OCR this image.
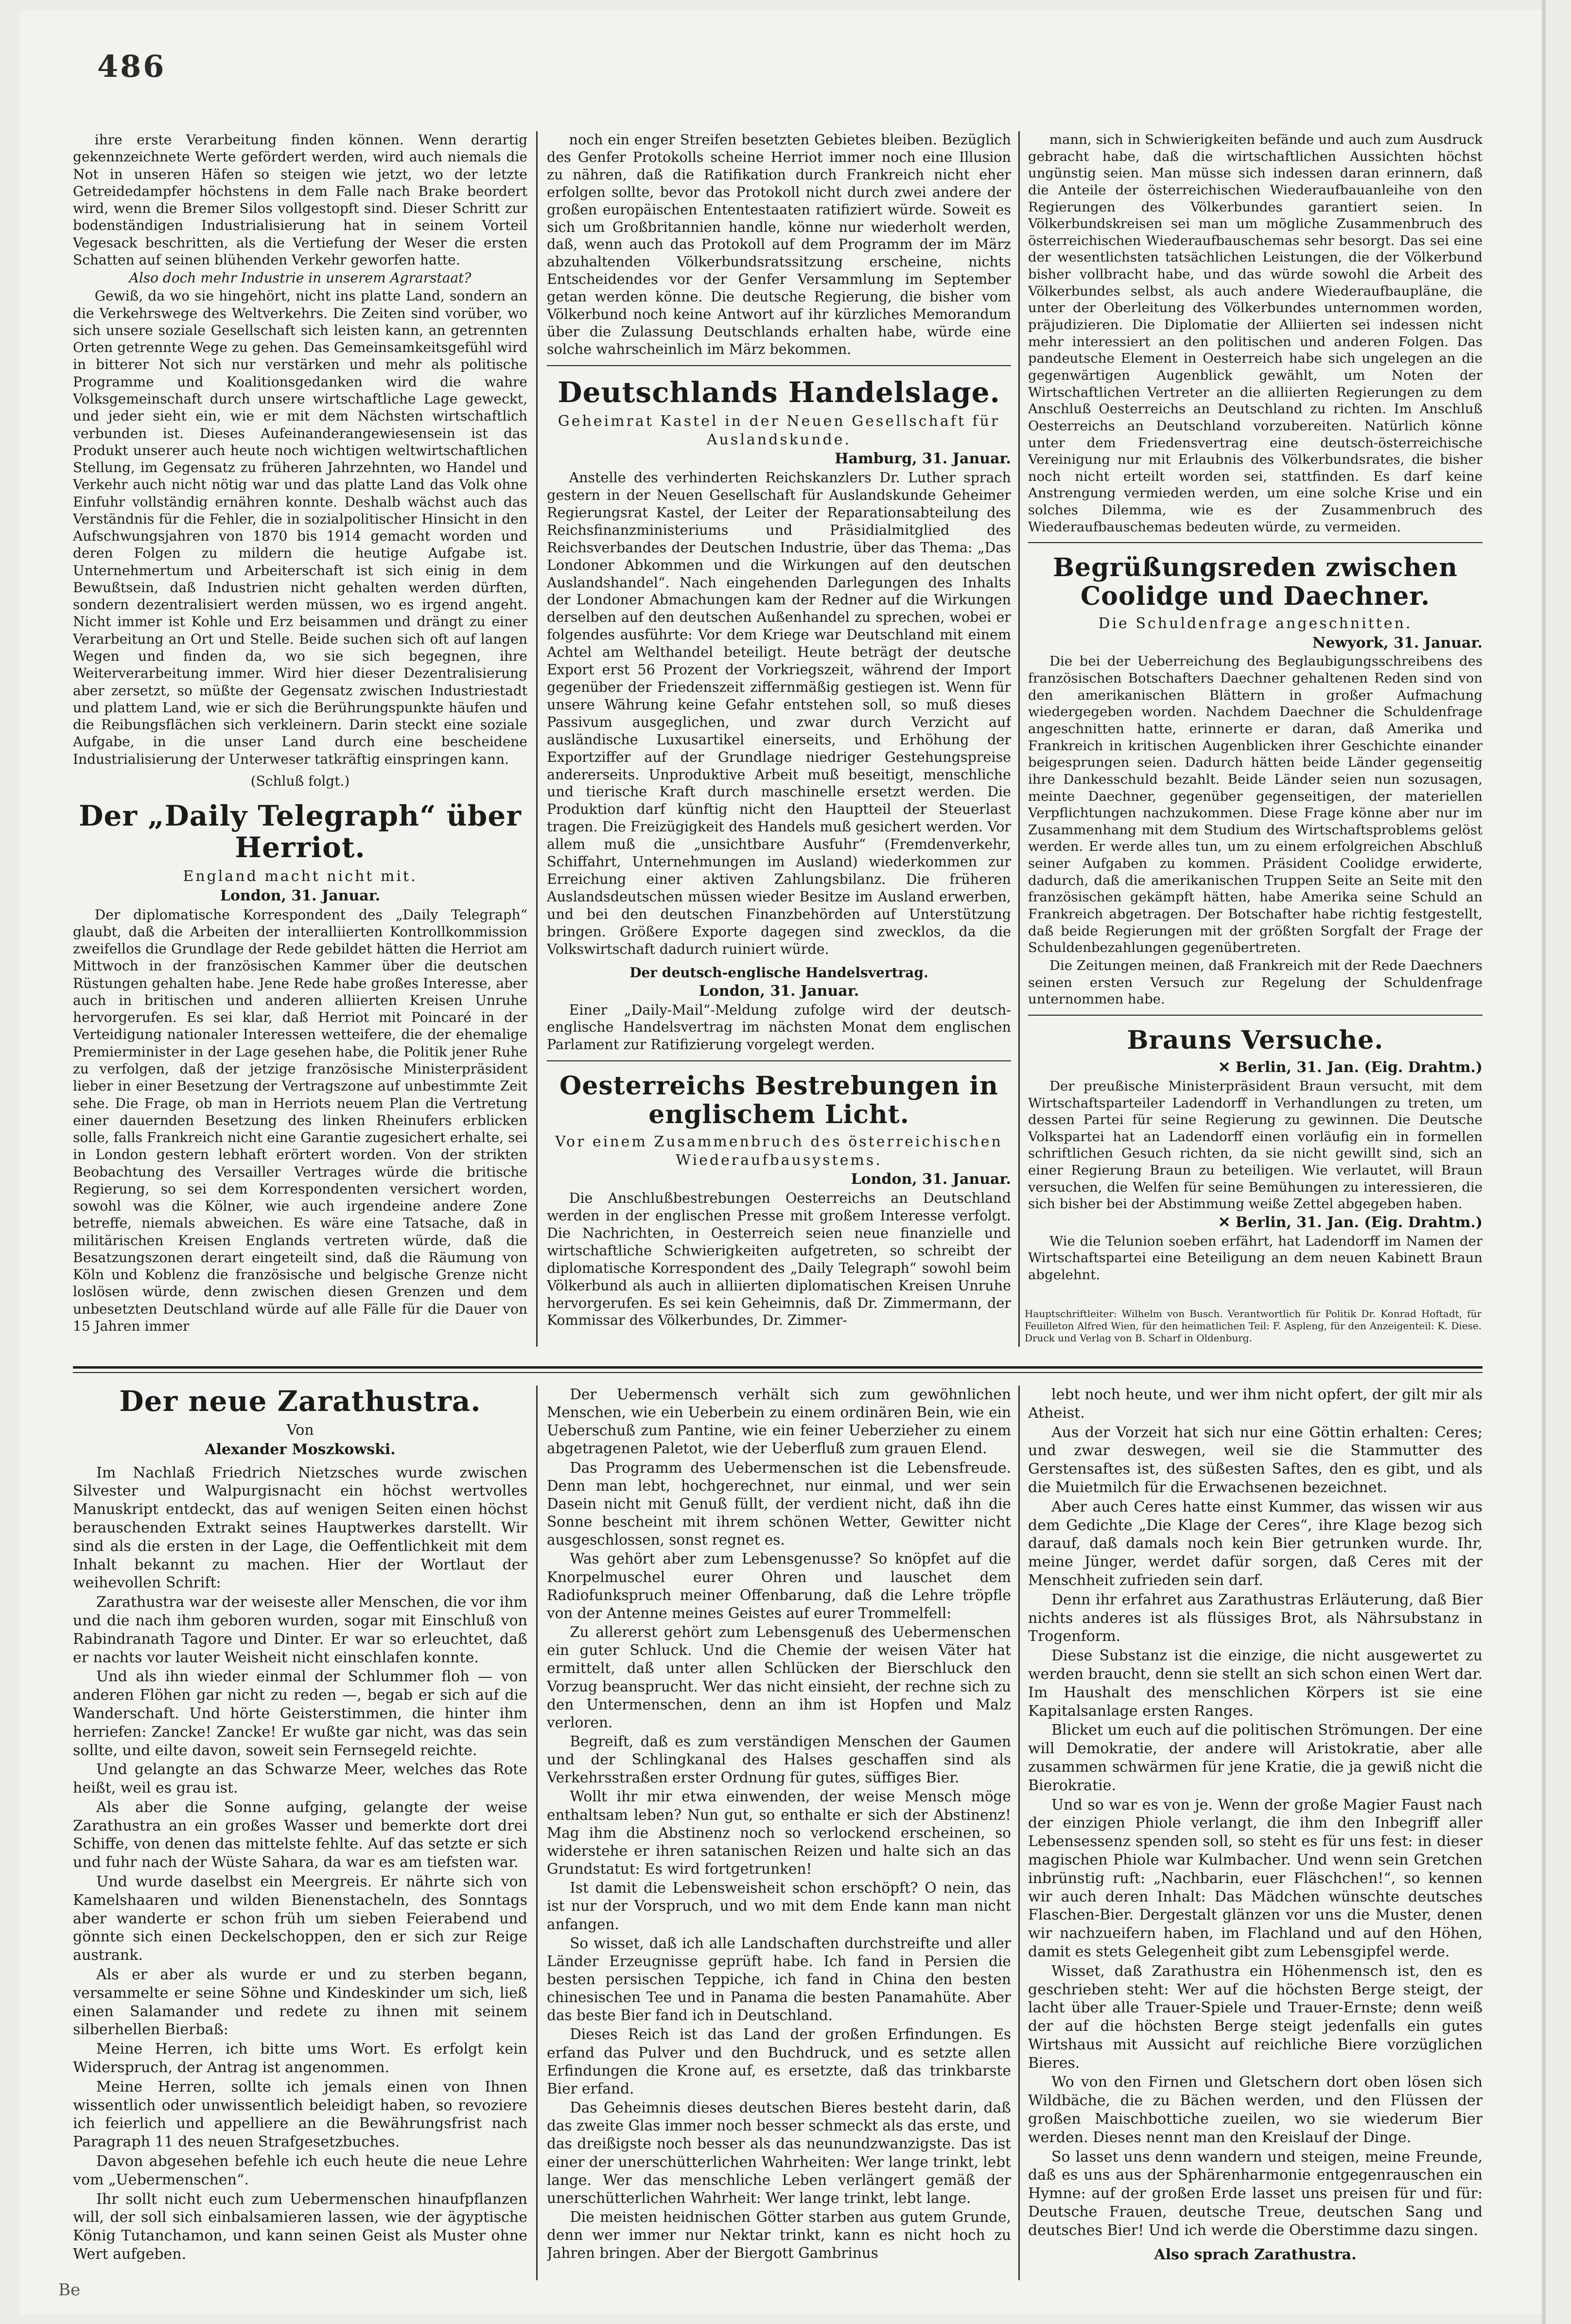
486

ihre erste Verarbeitung finden können. Wenn derartig gekennzeichnete Werte gefördert werden, wird auch niemals die Not in unseren Häfen so steigen wie jetzt, wo der letzte Getreidedampfer höchstens in dem Falle nach Brake beordert wird, wenn die Bremer Silos vollgestopft sind. Dieser Schritt zur bodenständigen Industrialisierung hat in seinem Vorteil Vegesack beschritten, als die Vertiefung der Weser die ersten Schatten auf seinen blühenden Verkehr geworfen hatte.

Also doch mehr Industrie in unserem Agrarstaat?

Gewiß, da wo sie hingehört, nicht ins platte Land, sondern an die Verkehrswege des Weltverkehrs. Die Zeiten sind vorüber, wo sich unsere soziale Gesellschaft sich leisten kann, an getrennten Orten getrennte Wege zu gehen. Das Gemeinsamkeitsgefühl wird in bitterer Not sich nur verstärken und mehr als politische Programme und Koalitionsgedanken wird die wahre Volksgemeinschaft durch unsere wirtschaftliche Lage geweckt, und jeder sieht ein, wie er mit dem Nächsten wirtschaftlich verbunden ist. Dieses Aufeinanderangewiesensein ist das Produkt unserer auch heute noch wichtigen weltwirtschaftlichen Stellung, im Gegensatz zu früheren Jahrzehnten, wo Handel und Verkehr auch nicht nötig war und das platte Land das Volk ohne Einfuhr vollständig ernähren konnte. Deshalb wächst auch das Verständnis für die Fehler, die in sozialpolitischer Hinsicht in den Aufschwungsjahren von 1870 bis 1914 gemacht worden und deren Folgen zu mildern die heutige Aufgabe ist. Unternehmertum und Arbeiterschaft ist sich einig in dem Bewußtsein, daß Industrien nicht gehalten werden dürften, sondern dezentralisiert werden müssen, wo es irgend angeht. Nicht immer ist Kohle und Erz beisammen und drängt zu einer Verarbeitung an Ort und Stelle. Beide suchen sich oft auf langen Wegen und finden da, wo sie sich begegnen, ihre Weiterverarbeitung immer. Wird hier dieser Dezentralisierung aber zersetzt, so müßte der Gegensatz zwischen Industriestadt und plattem Land, wie er sich die Berührungspunkte häufen und die Reibungsflächen sich verkleinern. Darin steckt eine soziale Aufgabe, in die unser Land durch eine bescheidene Industrialisierung der Unterweser tatkräftig einspringen kann.

(Schluß folgt.)

Der „Daily Telegraph“ über Herriot.

England macht nicht mit.

London, 31. Januar.

Der diplomatische Korrespondent des „Daily Telegraph“ glaubt, daß die Arbeiten der interalliierten Kontrollkommission zweifellos die Grundlage der Rede gebildet hätten die Herriot am Mittwoch in der französischen Kammer über die deutschen Rüstungen gehalten habe. Jene Rede habe großes Interesse, aber auch in britischen und anderen alliierten Kreisen Unruhe hervorgerufen. Es sei klar, daß Herriot mit Poincaré in der Verteidigung nationaler Interessen wetteifere, die der ehemalige Premierminister in der Lage gesehen habe, die Politik jener Ruhe zu verfolgen, daß der jetzige französische Ministerpräsident lieber in einer Besetzung der Vertragszone auf unbestimmte Zeit sehe. Die Frage, ob man in Herriots neuem Plan die Vertretung einer dauernden Besetzung des linken Rheinufers erblicken solle, falls Frankreich nicht eine Garantie zugesichert erhalte, sei in London gestern lebhaft erörtert worden. Von der strikten Beobachtung des Versailler Vertrages würde die britische Regierung, so sei dem Korrespondenten versichert worden, sowohl was die Kölner, wie auch irgendeine andere Zone betreffe, niemals abweichen. Es wäre eine Tatsache, daß in militärischen Kreisen Englands vertreten würde, daß die Besatzungszonen derart eingeteilt sind, daß die Räumung von Köln und Koblenz die französische und belgische Grenze nicht loslösen würde, denn zwischen diesen Grenzen und dem unbesetzten Deutschland würde auf alle Fälle für die Dauer von 15 Jahren immer

noch ein enger Streifen besetzten Gebietes bleiben. Bezüglich des Genfer Protokolls scheine Herriot immer noch eine Illusion zu nähren, daß die Ratifikation durch Frankreich nicht eher erfolgen sollte, bevor das Protokoll nicht durch zwei andere der großen europäischen Ententestaaten ratifiziert würde. Soweit es sich um Großbritannien handle, könne nur wiederholt werden, daß, wenn auch das Protokoll auf dem Programm der im März abzuhaltenden Völkerbundsratssitzung erscheine, nichts Entscheidendes vor der Genfer Versammlung im September getan werden könne. Die deutsche Regierung, die bisher vom Völkerbund noch keine Antwort auf ihr kürzliches Memorandum über die Zulassung Deutschlands erhalten habe, würde eine solche wahrscheinlich im März bekommen.

Deutschlands Handelslage.

Geheimrat Kastel in der Neuen Gesellschaft für Auslandskunde.

Hamburg, 31. Januar.

Anstelle des verhinderten Reichskanzlers Dr. Luther sprach gestern in der Neuen Gesellschaft für Auslandskunde Geheimer Regierungsrat Kastel, der Leiter der Reparationsabteilung des Reichsfinanzministeriums und Präsidialmitglied des Reichsverbandes der Deutschen Industrie, über das Thema: „Das Londoner Abkommen und die Wirkungen auf den deutschen Auslandshandel“. Nach eingehenden Darlegungen des Inhalts der Londoner Abmachungen kam der Redner auf die Wirkungen derselben auf den deutschen Außenhandel zu sprechen, wobei er folgendes ausführte: Vor dem Kriege war Deutschland mit einem Achtel am Welthandel beteiligt. Heute beträgt der deutsche Export erst 56 Prozent der Vorkriegszeit, während der Import gegenüber der Friedenszeit ziffernmäßig gestiegen ist. Wenn für unsere Währung keine Gefahr entstehen soll, so muß dieses Passivum ausgeglichen, und zwar durch Verzicht auf ausländische Luxusartikel einerseits, und Erhöhung der Exportziffer auf der Grundlage niedriger Gestehungspreise andererseits. Unproduktive Arbeit muß beseitigt, menschliche und tierische Kraft durch maschinelle ersetzt werden. Die Produktion darf künftig nicht den Hauptteil der Steuerlast tragen. Die Freizügigkeit des Handels muß gesichert werden. Vor allem muß die „unsichtbare Ausfuhr“ (Fremdenverkehr, Schiffahrt, Unternehmungen im Ausland) wiederkommen zur Erreichung einer aktiven Zahlungsbilanz. Die früheren Auslandsdeutschen müssen wieder Besitze im Ausland erwerben, und bei den deutschen Finanzbehörden auf Unterstützung bringen. Größere Exporte dagegen sind zwecklos, da die Volkswirtschaft dadurch ruiniert würde.

Der deutsch-englische Handelsvertrag.

London, 31. Januar.

Einer „Daily-Mail“-Meldung zufolge wird der deutsch-englische Handelsvertrag im nächsten Monat dem englischen Parlament zur Ratifizierung vorgelegt werden.

Oesterreichs Bestrebungen in englischem Licht.

Vor einem Zusammenbruch des österreichischen Wiederaufbausystems.

London, 31. Januar.

Die Anschlußbestrebungen Oesterreichs an Deutschland werden in der englischen Presse mit großem Interesse verfolgt. Die Nachrichten, in Oesterreich seien neue finanzielle und wirtschaftliche Schwierigkeiten aufgetreten, so schreibt der diplomatische Korrespondent des „Daily Telegraph“ sowohl beim Völkerbund als auch in alliierten diplomatischen Kreisen Unruhe hervorgerufen. Es sei kein Geheimnis, daß Dr. Zimmermann, der Kommissar des Völkerbundes, Dr. Zimmer-

mann, sich in Schwierigkeiten befände und auch zum Ausdruck gebracht habe, daß die wirtschaftlichen Aussichten höchst ungünstig seien. Man müsse sich indessen daran erinnern, daß die Anteile der österreichischen Wiederaufbauanleihe von den Regierungen des Völkerbundes garantiert seien. In Völkerbundskreisen sei man um mögliche Zusammenbruch des österreichischen Wiederaufbauschemas sehr besorgt. Das sei eine der wesentlichsten tatsächlichen Leistungen, die der Völkerbund bisher vollbracht habe, und das würde sowohl die Arbeit des Völkerbundes selbst, als auch andere Wiederaufbaupläne, die unter der Oberleitung des Völkerbundes unternommen worden, präjudizieren. Die Diplomatie der Alliierten sei indessen nicht mehr interessiert an den politischen und anderen Folgen. Das pandeutsche Element in Oesterreich habe sich ungelegen an die gegenwärtigen Augenblick gewählt, um Noten der Wirtschaftlichen Vertreter an die alliierten Regierungen zu dem Anschluß Oesterreichs an Deutschland zu richten. Im Anschluß Oesterreichs an Deutschland vorzubereiten. Natürlich könne unter dem Friedensvertrag eine deutsch-österreichische Vereinigung nur mit Erlaubnis des Völkerbundsrates, die bisher noch nicht erteilt worden sei, stattfinden. Es darf keine Anstrengung vermieden werden, um eine solche Krise und ein solches Dilemma, wie es der Zusammenbruch des Wiederaufbauschemas bedeuten würde, zu vermeiden.

Begrüßungsreden zwischen Coolidge und Daechner.

Die Schuldenfrage angeschnitten.

Newyork, 31. Januar.

Die bei der Ueberreichung des Beglaubigungsschreibens des französischen Botschafters Daechner gehaltenen Reden sind von den amerikanischen Blättern in großer Aufmachung wiedergegeben worden. Nachdem Daechner die Schuldenfrage angeschnitten hatte, erinnerte er daran, daß Amerika und Frankreich in kritischen Augenblicken ihrer Geschichte einander beigesprungen seien. Dadurch hätten beide Länder gegenseitig ihre Dankesschuld bezahlt. Beide Länder seien nun sozusagen, meinte Daechner, gegenüber gegenseitigen, der materiellen Verpflichtungen nachzukommen. Diese Frage könne aber nur im Zusammenhang mit dem Studium des Wirtschaftsproblems gelöst werden. Er werde alles tun, um zu einem erfolgreichen Abschluß seiner Aufgaben zu kommen. Präsident Coolidge erwiderte, dadurch, daß die amerikanischen Truppen Seite an Seite mit den französischen gekämpft hätten, habe Amerika seine Schuld an Frankreich abgetragen. Der Botschafter habe richtig festgestellt, daß beide Regierungen mit der größten Sorgfalt der Frage der Schuldenbezahlungen gegenübertreten.

Die Zeitungen meinen, daß Frankreich mit der Rede Daechners seinen ersten Versuch zur Regelung der Schuldenfrage unternommen habe.

Brauns Versuche.

✕ Berlin, 31. Jan. (Eig. Drahtm.)

Der preußische Ministerpräsident Braun versucht, mit dem Wirtschaftsparteiler Ladendorff in Verhandlungen zu treten, um dessen Partei für seine Regierung zu gewinnen. Die Deutsche Volkspartei hat an Ladendorff einen vorläufig ein in formellen schriftlichen Gesuch richten, da sie nicht gewillt sind, sich an einer Regierung Braun zu beteiligen. Wie verlautet, will Braun versuchen, die Welfen für seine Bemühungen zu interessieren, die sich bisher bei der Abstimmung weiße Zettel abgegeben haben.

✕ Berlin, 31. Jan. (Eig. Drahtm.)

Wie die Telunion soeben erfährt, hat Ladendorff im Namen der Wirtschaftspartei eine Beteiligung an dem neuen Kabinett Braun abgelehnt.

Hauptschriftleiter: Wilhelm von Busch. Verantwortlich für Politik Dr. Konrad Hoftadt, für Feuilleton Alfred Wien, für den heimatlichen Teil: F. Aspleng, für den Anzeigenteil: K. Diese. Druck und Verlag von B. Scharf in Oldenburg.
Der neue Zarathustra.

Von

Alexander Moszkowski.

Im Nachlaß Friedrich Nietzsches wurde zwischen Silvester und Walpurgisnacht ein höchst wertvolles Manuskript entdeckt, das auf wenigen Seiten einen höchst berauschenden Extrakt seines Hauptwerkes darstellt. Wir sind als die ersten in der Lage, die Oeffentlichkeit mit dem Inhalt bekannt zu machen. Hier der Wortlaut der weihevollen Schrift:

Zarathustra war der weiseste aller Menschen, die vor ihm und die nach ihm geboren wurden, sogar mit Einschluß von Rabindranath Tagore und Dinter. Er war so erleuchtet, daß er nachts vor lauter Weisheit nicht einschlafen konnte.

Und als ihn wieder einmal der Schlummer floh — von anderen Flöhen gar nicht zu reden —, begab er sich auf die Wanderschaft. Und hörte Geisterstimmen, die hinter ihm herriefen: Zancke! Zancke! Er wußte gar nicht, was das sein sollte, und eilte davon, soweit sein Fernsegeld reichte.

Und gelangte an das Schwarze Meer, welches das Rote heißt, weil es grau ist.

Als aber die Sonne aufging, gelangte der weise Zarathustra an ein großes Wasser und bemerkte dort drei Schiffe, von denen das mittelste fehlte. Auf das setzte er sich und fuhr nach der Wüste Sahara, da war es am tiefsten war.

Und wurde daselbst ein Meergreis. Er nährte sich von Kamelshaaren und wilden Bienenstacheln, des Sonntags aber wanderte er schon früh um sieben Feierabend und gönnte sich einen Deckelschoppen, den er sich zur Reige austrank.

Als er aber als wurde er und zu sterben begann, versammelte er seine Söhne und Kindeskinder um sich, ließ einen Salamander und redete zu ihnen mit seinem silberhellen Bierbaß:

Meine Herren, ich bitte ums Wort. Es erfolgt kein Widerspruch, der Antrag ist angenommen.

Meine Herren, sollte ich jemals einen von Ihnen wissentlich oder unwissentlich beleidigt haben, so revoziere ich feierlich und appelliere an die Bewährungsfrist nach Paragraph 11 des neuen Strafgesetzbuches.

Davon abgesehen befehle ich euch heute die neue Lehre vom „Uebermenschen“.

Ihr sollt nicht euch zum Uebermenschen hinaufpflanzen will, der soll sich einbalsamieren lassen, wie der ägyptische König Tutanchamon, und kann seinen Geist als Muster ohne Wert aufgeben.

Der Uebermensch verhält sich zum gewöhnlichen Menschen, wie ein Ueberbein zu einem ordinären Bein, wie ein Ueberschuß zum Pantine, wie ein feiner Ueberzieher zu einem abgetragenen Paletot, wie der Ueberfluß zum grauen Elend.

Das Programm des Uebermenschen ist die Lebensfreude. Denn man lebt, hochgerechnet, nur einmal, und wer sein Dasein nicht mit Genuß füllt, der verdient nicht, daß ihn die Sonne bescheint mit ihrem schönen Wetter, Gewitter nicht ausgeschlossen, sonst regnet es.

Was gehört aber zum Lebensgenusse? So knöpfet auf die Knorpelmuschel eurer Ohren und lauschet dem Radiofunkspruch meiner Offenbarung, daß die Lehre tröpfle von der Antenne meines Geistes auf eurer Trommelfell:

Zu allererst gehört zum Lebensgenuß des Uebermenschen ein guter Schluck. Und die Chemie der weisen Väter hat ermittelt, daß unter allen Schlücken der Bierschluck den Vorzug beansprucht. Wer das nicht einsieht, der rechne sich zu den Untermenschen, denn an ihm ist Hopfen und Malz verloren.

Begreift, daß es zum verständigen Menschen der Gaumen und der Schlingkanal des Halses geschaffen sind als Verkehrsstraßen erster Ordnung für gutes, süffiges Bier.

Wollt ihr mir etwa einwenden, der weise Mensch möge enthaltsam leben? Nun gut, so enthalte er sich der Abstinenz! Mag ihm die Abstinenz noch so verlockend erscheinen, so widerstehe er ihren satanischen Reizen und halte sich an das Grundstatut: Es wird fortgetrunken!

Ist damit die Lebensweisheit schon erschöpft? O nein, das ist nur der Vorspruch, und wo mit dem Ende kann man nicht anfangen.

So wisset, daß ich alle Landschaften durchstreifte und aller Länder Erzeugnisse geprüft habe. Ich fand in Persien die besten persischen Teppiche, ich fand in China den besten chinesischen Tee und in Panama die besten Panamahüte. Aber das beste Bier fand ich in Deutschland.

Dieses Reich ist das Land der großen Erfindungen. Es erfand das Pulver und den Buchdruck, und es setzte allen Erfindungen die Krone auf, es ersetzte, daß das trinkbarste Bier erfand.

Das Geheimnis dieses deutschen Bieres besteht darin, daß das zweite Glas immer noch besser schmeckt als das erste, und das dreißigste noch besser als das neunundzwanzigste. Das ist einer der unerschütterlichen Wahrheiten: Wer lange trinkt, lebt lange. Wer das menschliche Leben verlängert gemäß der unerschütterlichen Wahrheit: Wer lange trinkt, lebt lange.

Die meisten heidnischen Götter starben aus gutem Grunde, denn wer immer nur Nektar trinkt, kann es nicht hoch zu Jahren bringen. Aber der Biergott Gambrinus

lebt noch heute, und wer ihm nicht opfert, der gilt mir als Atheist.

Aus der Vorzeit hat sich nur eine Göttin erhalten: Ceres; und zwar deswegen, weil sie die Stammutter des Gerstensaftes ist, des süßesten Saftes, den es gibt, und als die Muietmilch für die Erwachsenen bezeichnet.

Aber auch Ceres hatte einst Kummer, das wissen wir aus dem Gedichte „Die Klage der Ceres“, ihre Klage bezog sich darauf, daß damals noch kein Bier getrunken wurde. Ihr, meine Jünger, werdet dafür sorgen, daß Ceres mit der Menschheit zufrieden sein darf.

Denn ihr erfahret aus Zarathustras Erläuterung, daß Bier nichts anderes ist als flüssiges Brot, als Nährsubstanz in Trogenform.

Diese Substanz ist die einzige, die nicht ausgewertet zu werden braucht, denn sie stellt an sich schon einen Wert dar. Im Haushalt des menschlichen Körpers ist sie eine Kapitalsanlage ersten Ranges.

Blicket um euch auf die politischen Strömungen. Der eine will Demokratie, der andere will Aristokratie, aber alle zusammen schwärmen für jene Kratie, die ja gewiß nicht die Bierokratie.

Und so war es von je. Wenn der große Magier Faust nach der einzigen Phiole verlangt, die ihm den Inbegriff aller Lebensessenz spenden soll, so steht es für uns fest: in dieser magischen Phiole war Kulmbacher. Und wenn sein Gretchen inbrünstig ruft: „Nachbarin, euer Fläschchen!“, so kennen wir auch deren Inhalt: Das Mädchen wünschte deutsches Flaschen-Bier. Dergestalt glänzen vor uns die Muster, denen wir nachzueifern haben, im Flachland und auf den Höhen, damit es stets Gelegenheit gibt zum Lebensgipfel werde.

Wisset, daß Zarathustra ein Höhenmensch ist, den es geschrieben steht: Wer auf die höchsten Berge steigt, der lacht über alle Trauer-Spiele und Trauer-Ernste; denn weiß der auf die höchsten Berge steigt jedenfalls ein gutes Wirtshaus mit Aussicht auf reichliche Biere vorzüglichen Bieres.

Wo von den Firnen und Gletschern dort oben lösen sich Wildbäche, die zu Bächen werden, und den Flüssen der großen Maischbottiche zueilen, wo sie wiederum Bier werden. Dieses nennt man den Kreislauf der Dinge.

So lasset uns denn wandern und steigen, meine Freunde, daß es uns aus der Sphärenharmonie entgegenrauschen ein Hymne: auf der großen Erde lasset uns preisen für und für: Deutsche Frauen, deutsche Treue, deutschen Sang und deutsches Bier! Und ich werde die Oberstimme dazu singen.

Also sprach Zarathustra.

Be
